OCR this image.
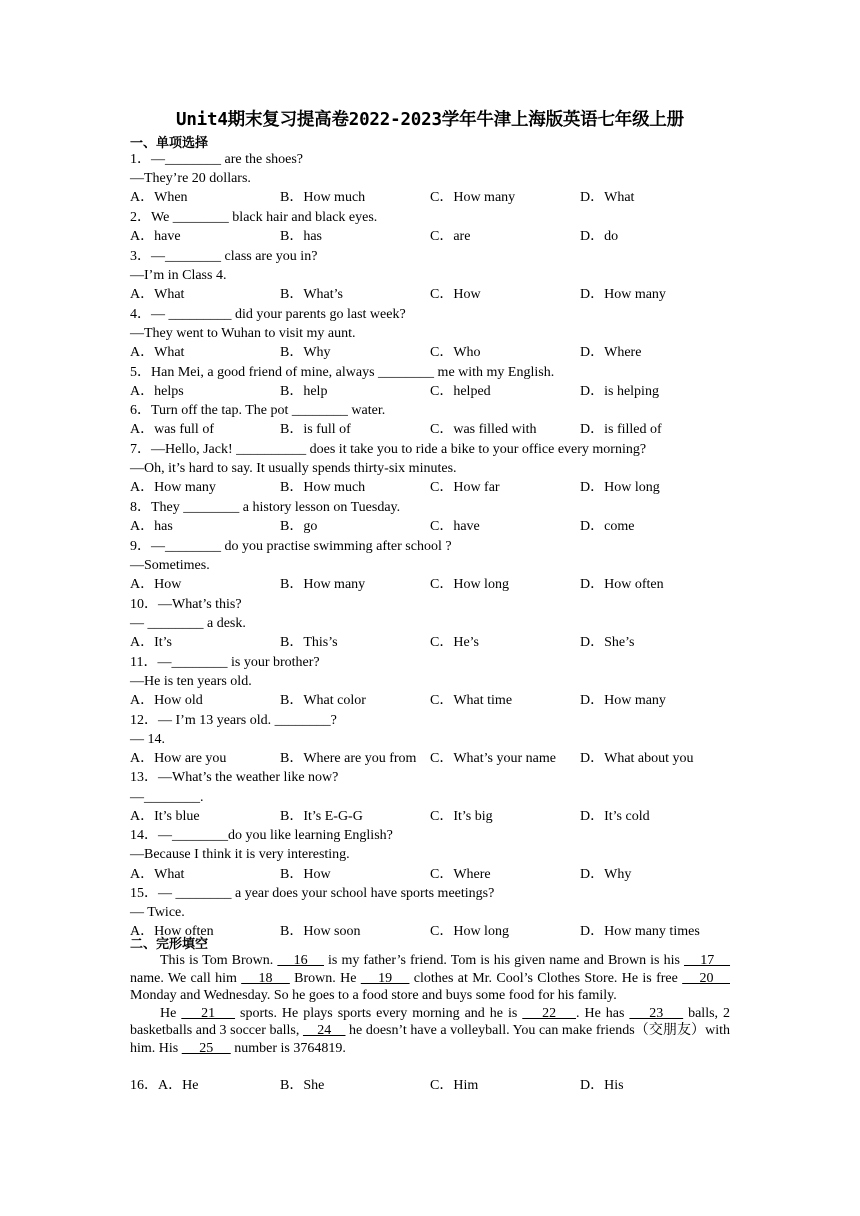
Unit4期末复习提高卷2022-2023学年牛津上海版英语七年级上册
一、单项选择
1．—________ are the shoes?
—They’re 20 dollars.
A．When	B．How much	C．How many	D．What
2．We ________ black hair and black eyes.
A．have	B．has	C．are	D．do
3．—________ class are you in?
—I’m in Class 4.
A．What	B．What’s	C．How	D．How many
4．— _________ did your parents go last week?
—They went to Wuhan to visit my aunt.
A．What	B．Why	C．Who	D．Where
5．Han Mei, a good friend of mine, always ________ me with my English.
A．helps	B．help	C．helped	D．is helping
6．Turn off the tap. The pot ________ water.
A．was full of	B．is full of	C．was filled with	D．is filled of
7．—Hello, Jack! __________ does it take you to ride a bike to your office every morning?
—Oh, it’s hard to say. It usually spends thirty-six minutes.
A．How many	B．How much	C．How far	D．How long
8．They ________ a history lesson on Tuesday.
A．has	B．go	C．have	D．come
9．—________ do you practise swimming after school ?
—Sometimes.
A．How	B．How many	C．How long	D．How often
10．—What’s this?
— ________ a desk.
A．It’s	B．This’s	C．He’s	D．She’s
11．—________ is your brother?
—He is ten years old.
A．How old	B．What color	C．What time	D．How many
12．— I’m 13 years old. ________?
— 14.
A．How are you	B．Where are you from C．What’s your name D．What about you
13．—What’s the weather like now?
—________.
A．It’s blue	B．It’s E-G-G	C．It’s big	D．It’s cold
14．—________do you like learning English?
—Because I think it is very interesting.
A．What	B．How	C．Where	D．Why
15．— ________ a year does your school have sports meetings?
— Twice.
A．How often	B．How soon	C．How long	D．How many times
二、完形填空

This is Tom Brown.     16     is my father’s friend. Tom is his given name and Brown is his     17     name. We call him     18     Brown. He     19     clothes at Mr. Cool’s Clothes Store. He is free     20     Monday and Wednesday. So he goes to a food store and buys some food for his family.

He     21     sports. He plays sports every morning and he is     22    . He has     23     balls, 2 basketballs and 3 soccer balls,     24     he doesn’t have a volleyball. You can make friends（交朋友）with him. His      25      number is 3764819.

16．A．He	B．She	C．Him	D．His
